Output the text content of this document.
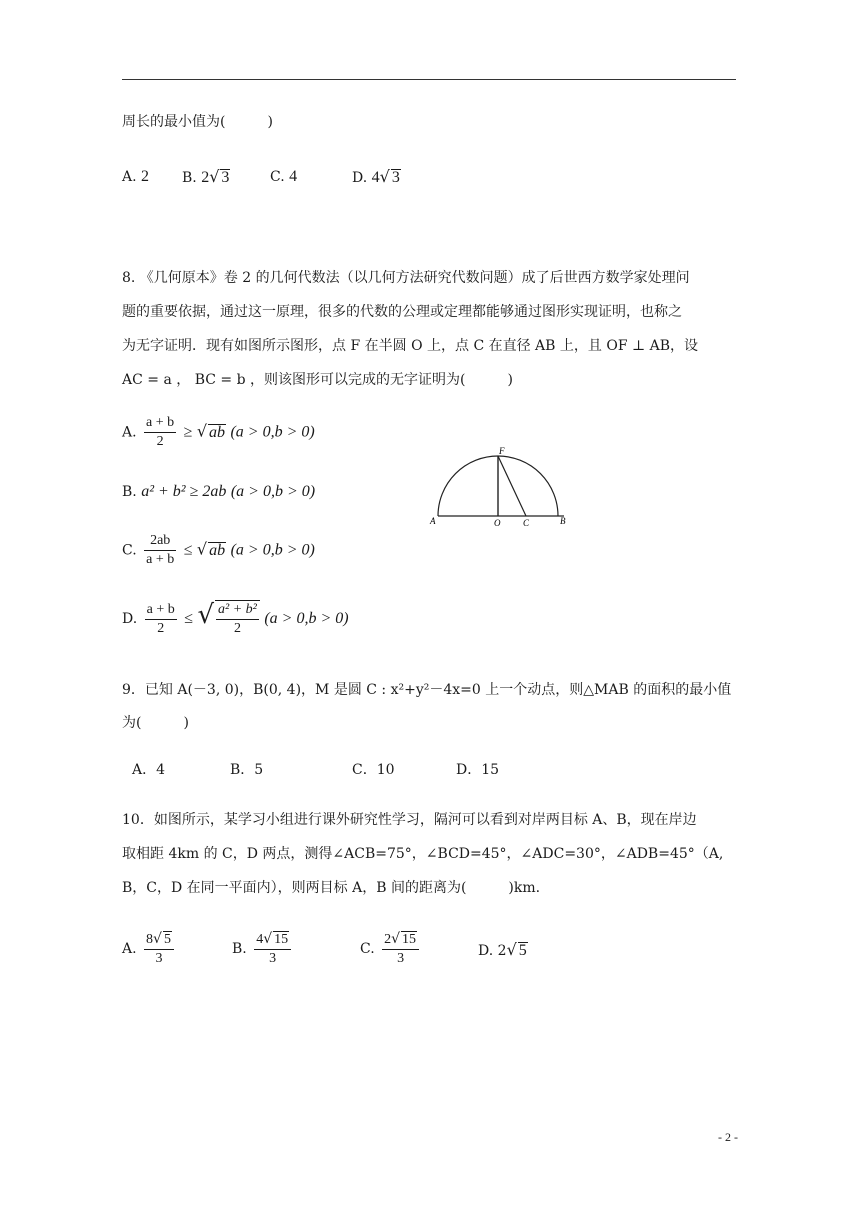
周长的最小值为(　　　)
A. 2 B. 2√ 3	C. 4	D. 4√ 3
8. 《几何原本》卷 2 的几何代数法（以几何方法研究代数问题）成了后世西方数学家处理问
题的重要依据，通过这一原理，很多的代数的公理或定理都能够通过图形实现证明，也称之
为无字证明．现有如图所示图形，点 F 在半圆 O 上，点 C 在直径 AB 上，且 OF ⊥ AB，设
AC = a ， BC = b ，则该图形可以完成的无字证明为(　　　)
A. $\frac{a + b}{2}$ ≥ √ ab (a > 0,b > 0)
B. a² + b² ≥ 2ab (a > 0,b > 0)
C. $\frac{2ab}{a + b}$ ≤ √ ab (a > 0,b > 0)
D. $\frac{a + b}{2}$ ≤ √ $\frac{\text{a² + b²}}{2} (a > 0,b > 0)$
A	O	C	B
F
9．已知 A(－3, 0)，B(0, 4)，M 是圆 C : x²+y²－4x=0 上一个动点，则△MAB 的面积的最小值
为(　　　)
A．4	B．5	C．10	D．15
10．如图所示，某学习小组进行课外研究性学习，隔河可以看到对岸两目标 A、B，现在岸边
取相距 4km 的 C，D 两点，测得∠ACB=75°，∠BCD=45°，∠ADC=30°，∠ADB=45°（A,
B，C，D 在同一平面内），则两目标 A，B 间的距离为(　　　)km.
A. $\frac{8√ 5}{3}$	B. $\frac{4√ 15}{3}$	C. $\frac{2√ 15}{3}$	D. 2√ 5
- 2 -
